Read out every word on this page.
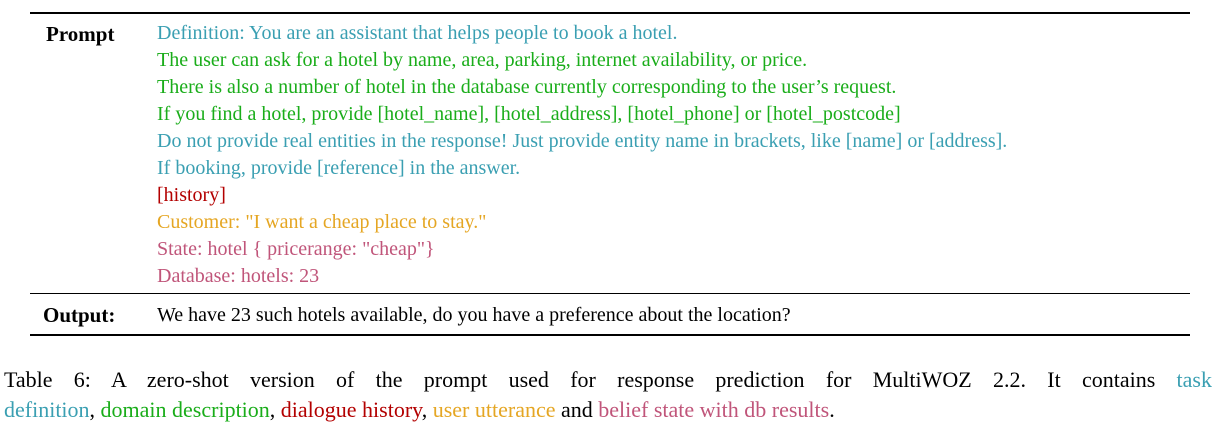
Prompt Definition: You are an assistant that helps people to book a hotel.
The user can ask for a hotel by name, area, parking, internet availability, or price.
There is also a number of hotel in the database currently corresponding to the user’s request.
If you find a hotel, provide [hotel_name], [hotel_address], [hotel_phone] or [hotel_postcode]
Do not provide real entities in the response! Just provide entity name in brackets, like [name] or [address].
If booking, provide [reference] in the answer.
[history]
Customer: "I want a cheap place to stay."
State: hotel { pricerange: "cheap"}
Database: hotels: 23
Output: We have 23 such hotels available, do you have a preference about the location?
Table 6: A zero-shot version of the prompt used for response prediction for MultiWOZ 2.2. It contains task
definition, domain description, dialogue history, user utterance and belief state with db results.
